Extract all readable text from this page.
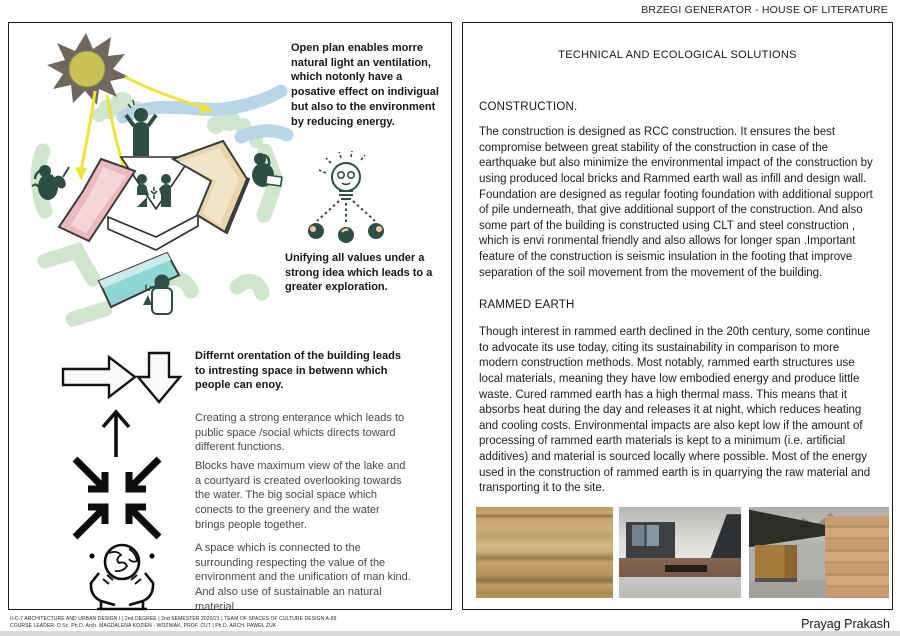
BRZEGI GENERATOR - HOUSE OF LITERATURE
Open plan enables morre natural light an ventilation, which notonly have a posative effect on indivigual but also to the environment by reducing energy.
Unifying all values under a strong idea which leads to a greater exploration.
Differnt orentation of the building leads to intresting space in betwenn which people can enoy.
Creating a strong enterance which leads to public space /social whicts directs toward different functions.
Blocks have maximum view of the lake and a courtyard is created overlooking towards the water. The big social space which conects to the greenery and the water brings people together.
A space which is connected to the surrounding respecting the value of the environment and the unification of man kind. And also use of sustainable an natural material
TECHNICAL AND ECOLOGICAL SOLUTIONS
CONSTRUCTION.
The construction is designed as RCC construction. It ensures the best compromise between great stability of the construction in case of the earthquake but also minimize the environmental impact of the construction by using produced local bricks and Rammed earth wall as infill and design wall. Foundation are designed as regular footing foundation with additional support of pile underneath, that give additional support of the construction. And also some part of the building is constructed using CLT and steel construction , which is envi ronmental friendly and also allows for longer span .Important feature of the construction is seismic insulation in the footing that improve separation of the soil movement from the movement of the building.
RAMMED EARTH
Though interest in rammed earth declined in the 20th century, some continue to advocate its use today, citing its sustainability in comparison to more modern construction methods. Most notably, rammed earth structures use local materials, meaning they have low embodied energy and produce little waste. Cured rammed earth has a high thermal mass. This means that it absorbs heat during the day and releases it at night, which reduces heating and cooling costs. Environmental impacts are also kept low if the amount of processing of rammed earth materials is kept to a minimum (i.e. artificial additives) and material is sourced locally where possible. Most of the energy used in the construction of rammed earth is in quarrying the raw material and transporting it to the site.
II-C-7 ARCHITECTURE AND URBAN DESIGN I | 2nd DEGREE | 2nd SEMESTER 2020/21 | TEAM OF SPACES OF CULTURE DESIGN A-89
COURSE LEADER: D.Sc. Ph.D. Arch. MAGDALENA KOZIEŃ - WOŹNIAK, PROF. CUT | Ph.D. ARCH. PAWEŁ ŻUK	Prayag Prakash
